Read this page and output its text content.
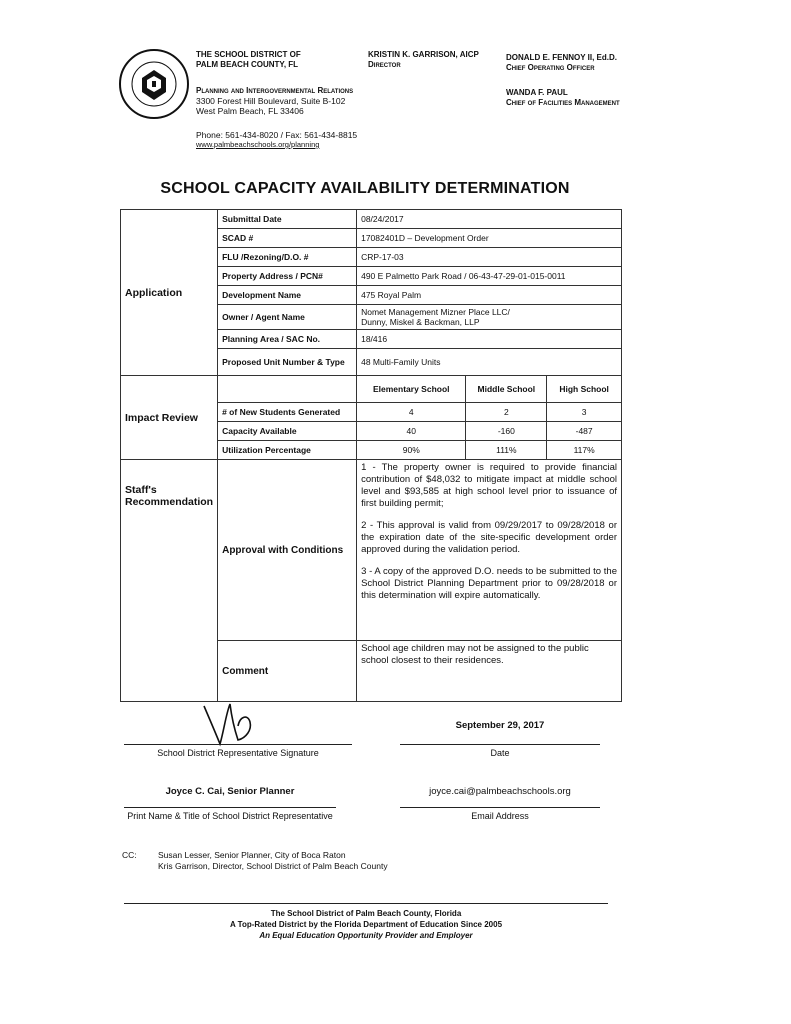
THE SCHOOL DISTRICT OF
PALM BEACH COUNTY, FL
Planning and Intergovernmental Relations
3300 Forest Hill Boulevard, Suite B-102
West Palm Beach, FL 33406
Phone: 561-434-8020 / Fax: 561-434-8815
www.palmbeachschools.org/planning
KRISTIN K. GARRISON, AICP
Director
DONALD E. FENNOY II, Ed.D.
Chief Operating Officer
WANDA F. PAUL
Chief of Facilities Management
SCHOOL CAPACITY AVAILABILITY DETERMINATION
Application	Submittal Date	08/24/2017		
	SCAD #	17082401D – Development Order		
	FLU /Rezoning/D.O. #	CRP-17-03		
	Property Address / PCN#	490 E Palmetto Park Road / 06-43-47-29-01-015-0011		
	Development Name	475 Royal Palm		
	Owner / Agent Name	Nomet Management Mizner Place LLC/
Dunny, Miskel & Backman, LLP		

	Planning Area / SAC No.	18/416		
	Proposed Unit Number & Type	48 Multi-Family Units		
Impact Review		Elementary School	Middle School	High School
	# of New Students Generated	4	2	3
	Capacity Available	40	-160	-487
	Utilization Percentage	90%	111%	117%
Staff's Recommendation	Approval with Conditions	1 - The property owner is required to provide financial contribution of $48,032 to mitigate impact at middle school level and $93,585 at high school level prior to issuance of first building permit;

2 - This approval is valid from 09/29/2017 to 09/28/2018 or the expiration date of the site-specific development order approved during the validation period.

3 - A copy of the approved D.O. needs to be submitted to the School District Planning Department prior to 09/28/2018 or this determination will expire automatically.		

	Comment	School age children may not be assigned to the public school closest to their residences.		
School District Representative Signature
September 29, 2017
Date
Joyce C. Cai, Senior Planner
Print Name & Title of School District Representative
joyce.cai@palmbeachschools.org
Email Address
CC:	Susan Lesser, Senior Planner, City of Boca Raton
Kris Garrison, Director, School District of Palm Beach County
The School District of Palm Beach County, Florida
A Top-Rated District by the Florida Department of Education Since 2005
An Equal Education Opportunity Provider and Employer
